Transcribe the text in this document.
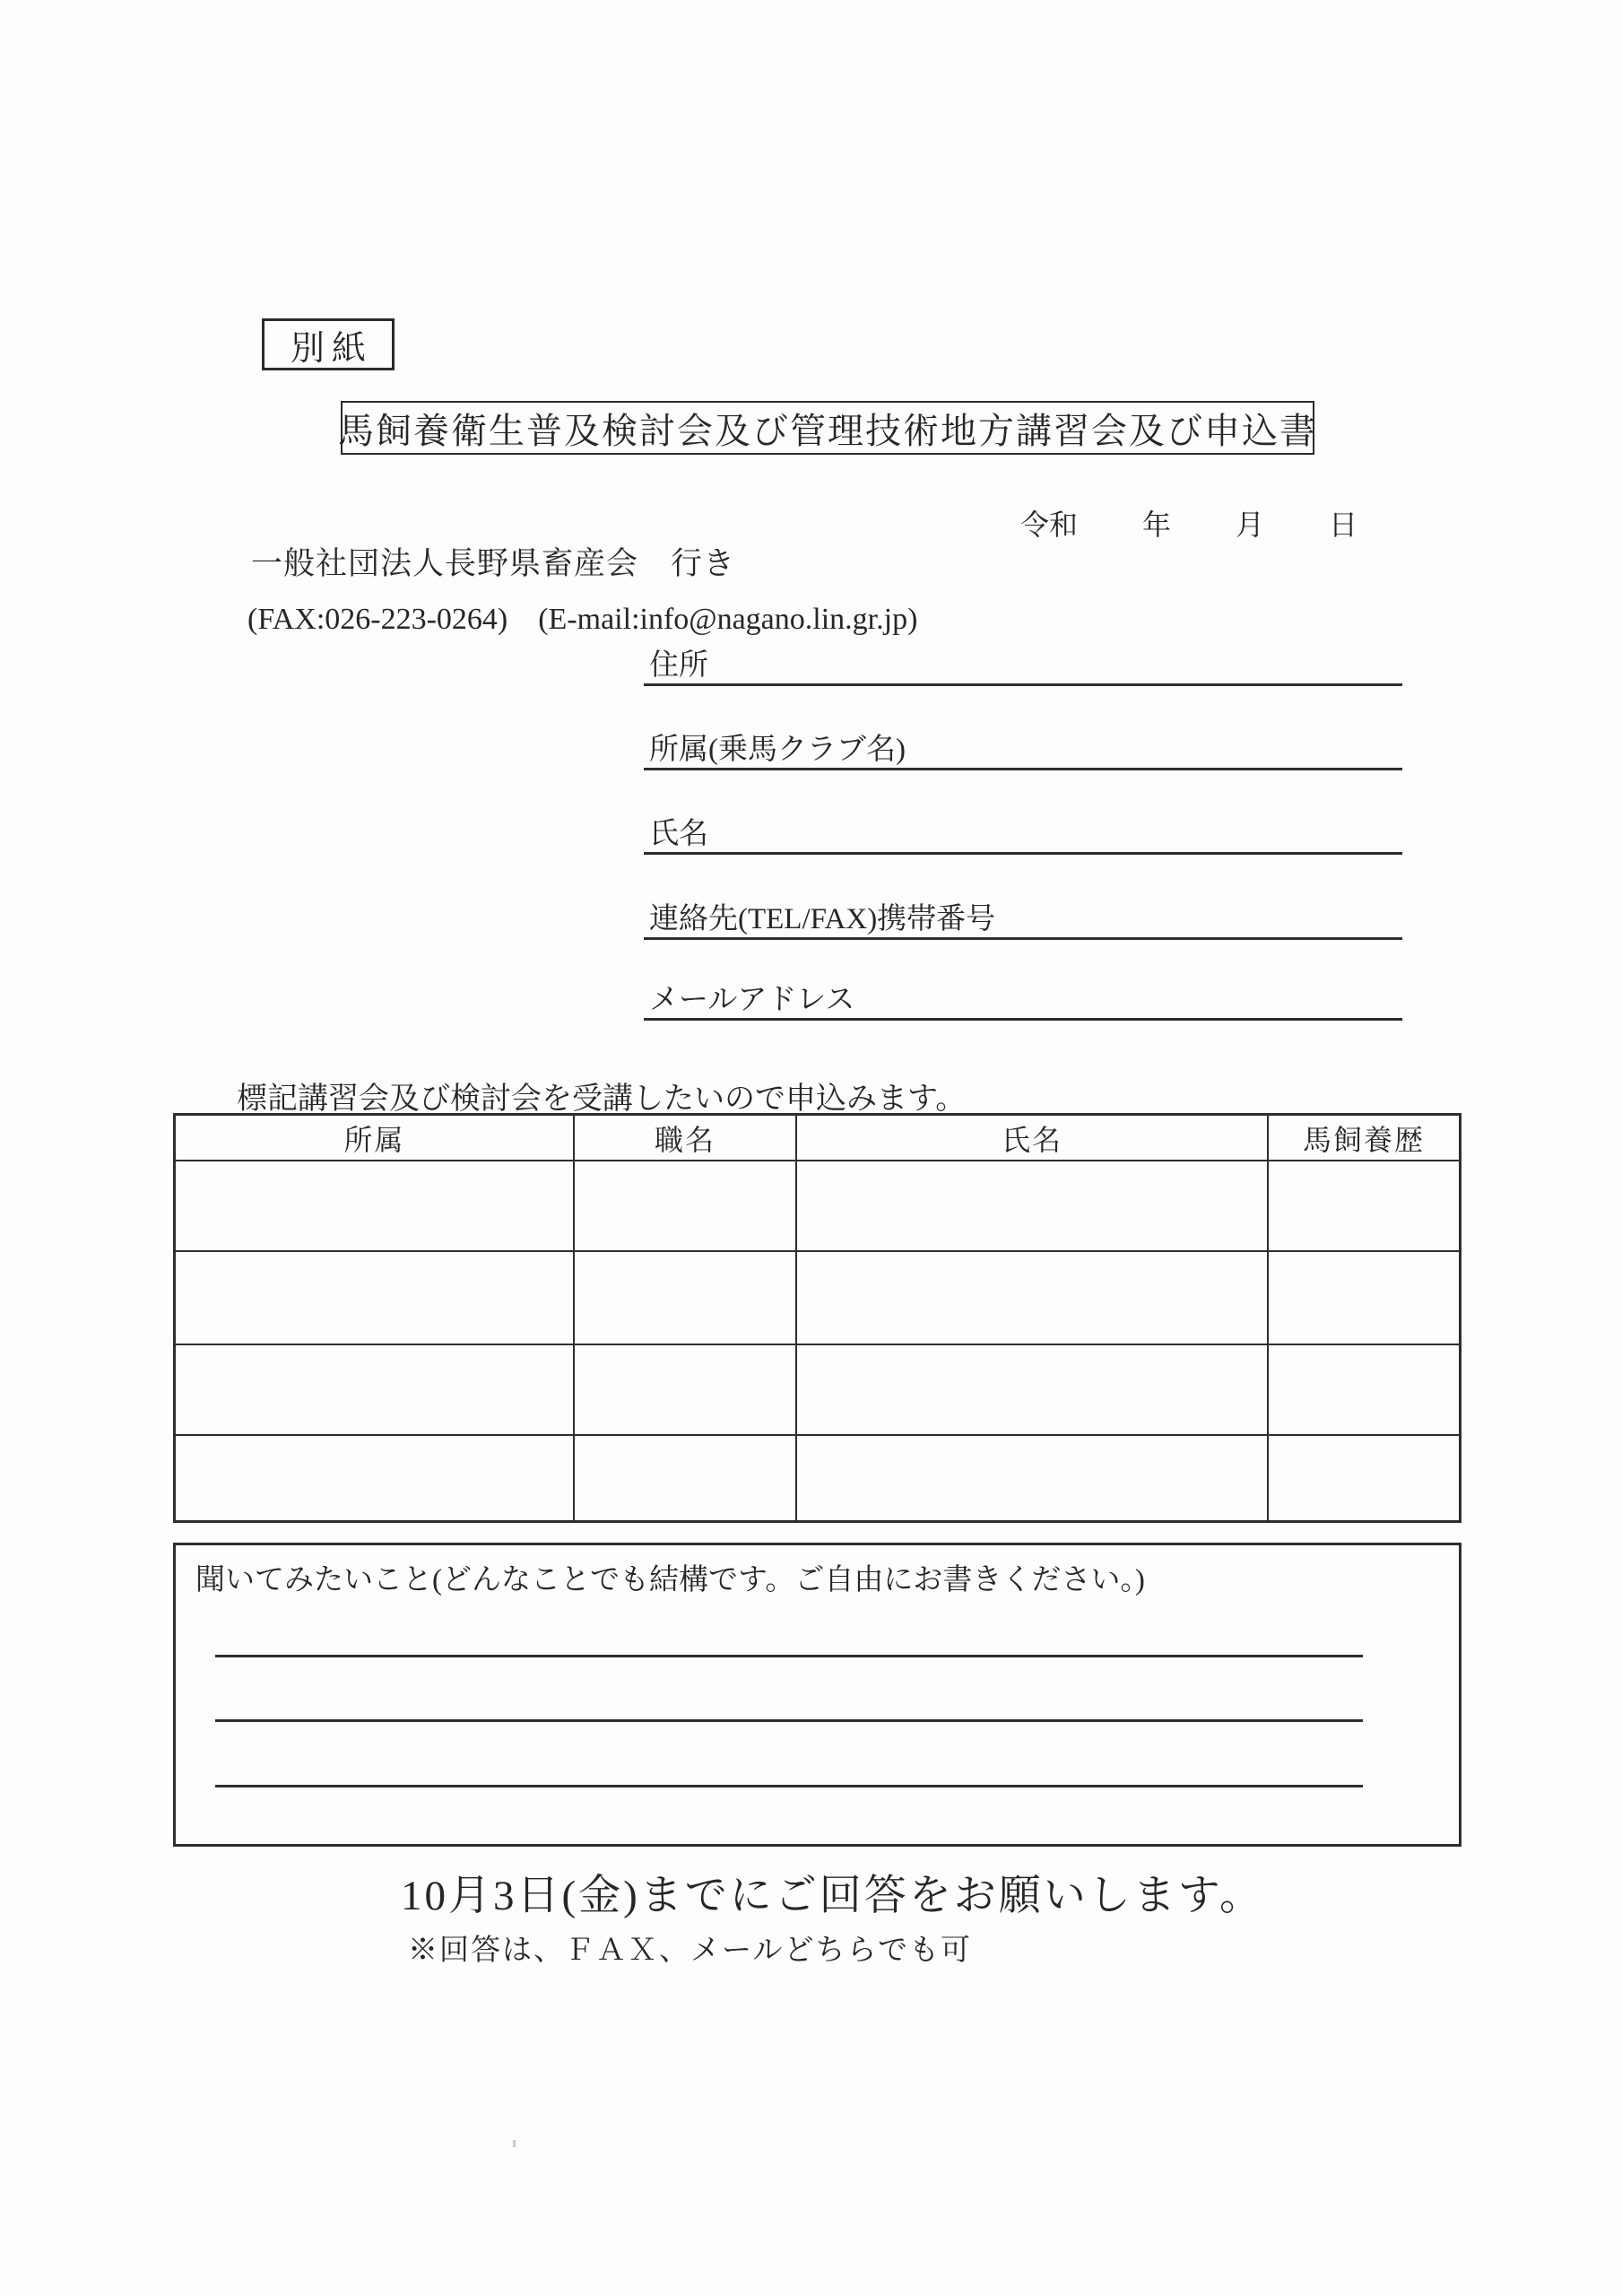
別紙
馬飼養衛生普及検討会及び管理技術地方講習会及び申込書
令和 年 月 日
一般社団法人長野県畜産会　行き
(FAX:026-223-0264)　(E-mail:info@nagano.lin.gr.jp)
住所
所属(乗馬クラブ名)
氏名
連絡先(TEL/FAX)携帯番号
メールアドレス
標記講習会及び検討会を受講したいので申込みます。
所属	職名	氏名	馬飼養歴
聞いてみたいこと(どんなことでも結構です。ご自由にお書きください。)
10月3日(金)までにご回答をお願いします。
※回答は、ＦＡＸ、メールどちらでも可
